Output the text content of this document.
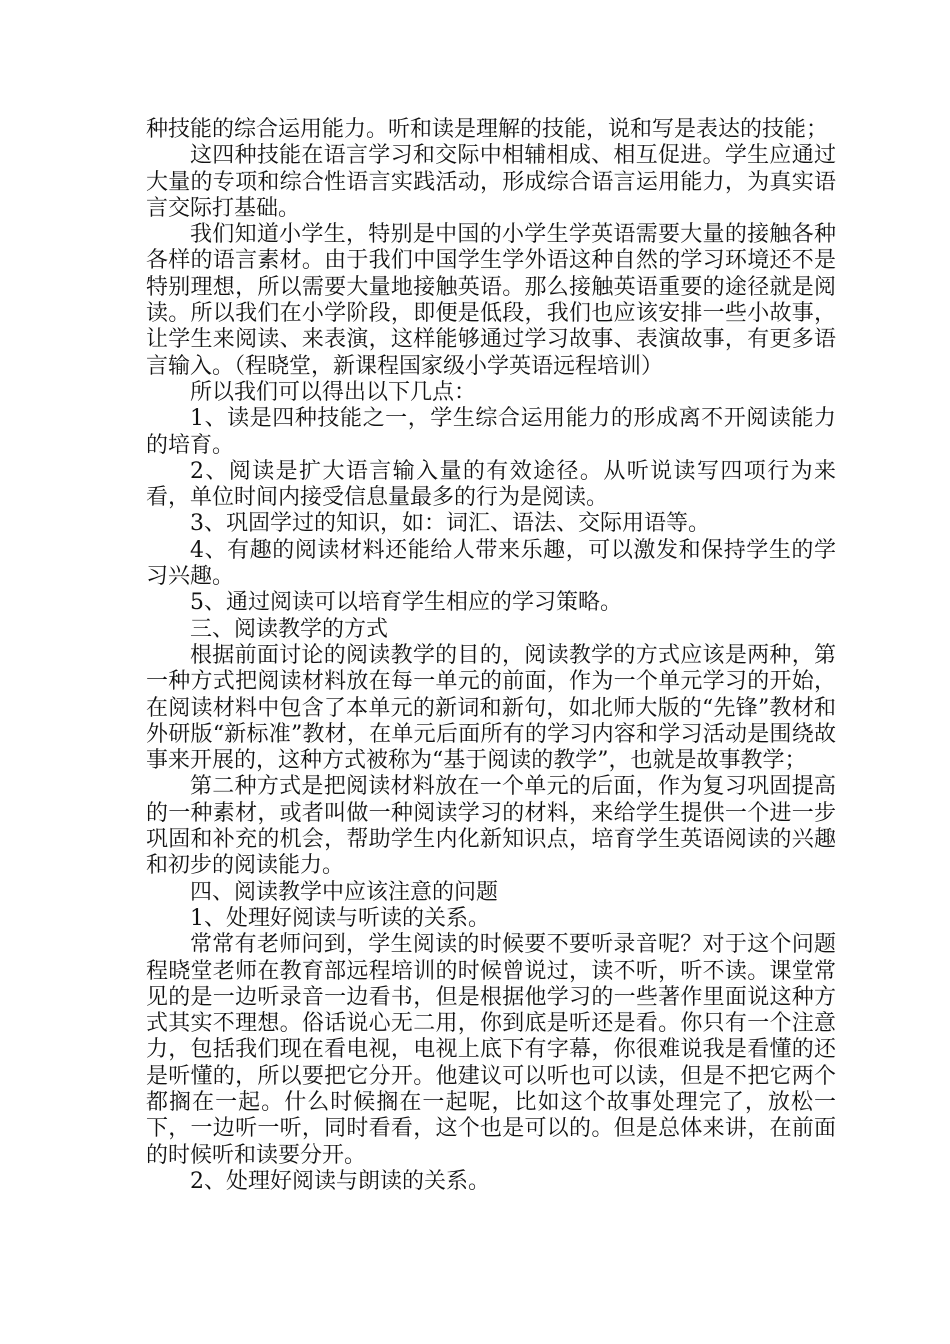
种技能的综合运用能力。听和读是理解的技能，说和写是表达的技能；

这四种技能在语言学习和交际中相辅相成、相互促进。学生应通过大量的专项和综合性语言实践活动，形成综合语言运用能力，为真实语言交际打基础。

我们知道小学生，特别是中国的小学生学英语需要大量的接触各种各样的语言素材。由于我们中国学生学外语这种自然的学习环境还不是特别理想，所以需要大量地接触英语。那么接触英语重要的途径就是阅读。所以我们在小学阶段，即便是低段，我们也应该安排一些小故事，让学生来阅读、来表演，这样能够通过学习故事、表演故事，有更多语言输入。（程晓堂，新课程国家级小学英语远程培训）

所以我们可以得出以下几点：

1、读是四种技能之一，学生综合运用能力的形成离不开阅读能力的培育。

2、阅读是扩大语言输入量的有效途径。从听说读写四项行为来看，单位时间内接受信息量最多的行为是阅读。

3、巩固学过的知识，如：词汇、语法、交际用语等。

4、有趣的阅读材料还能给人带来乐趣，可以激发和保持学生的学习兴趣。

5、通过阅读可以培育学生相应的学习策略。

三、阅读教学的方式

根据前面讨论的阅读教学的目的，阅读教学的方式应该是两种，第一种方式把阅读材料放在每一单元的前面，作为一个单元学习的开始，在阅读材料中包含了本单元的新词和新句，如北师大版的“先锋”教材和外研版“新标准”教材，在单元后面所有的学习内容和学习活动是围绕故事来开展的，这种方式被称为“基于阅读的教学”，也就是故事教学；

第二种方式是把阅读材料放在一个单元的后面，作为复习巩固提高的一种素材，或者叫做一种阅读学习的材料，来给学生提供一个进一步巩固和补充的机会，帮助学生内化新知识点，培育学生英语阅读的兴趣和初步的阅读能力。

四、阅读教学中应该注意的问题

1、处理好阅读与听读的关系。

常常有老师问到，学生阅读的时候要不要听录音呢？对于这个问题程晓堂老师在教育部远程培训的时候曾说过，读不听，听不读。课堂常见的是一边听录音一边看书，但是根据他学习的一些著作里面说这种方式其实不理想。俗话说心无二用，你到底是听还是看。你只有一个注意力，包括我们现在看电视，电视上底下有字幕，你很难说我是看懂的还是听懂的，所以要把它分开。他建议可以听也可以读，但是不把它两个都搁在一起。什么时候搁在一起呢，比如这个故事处理完了，放松一下，一边听一听，同时看看，这个也是可以的。但是总体来讲，在前面的时候听和读要分开。

2、处理好阅读与朗读的关系。
